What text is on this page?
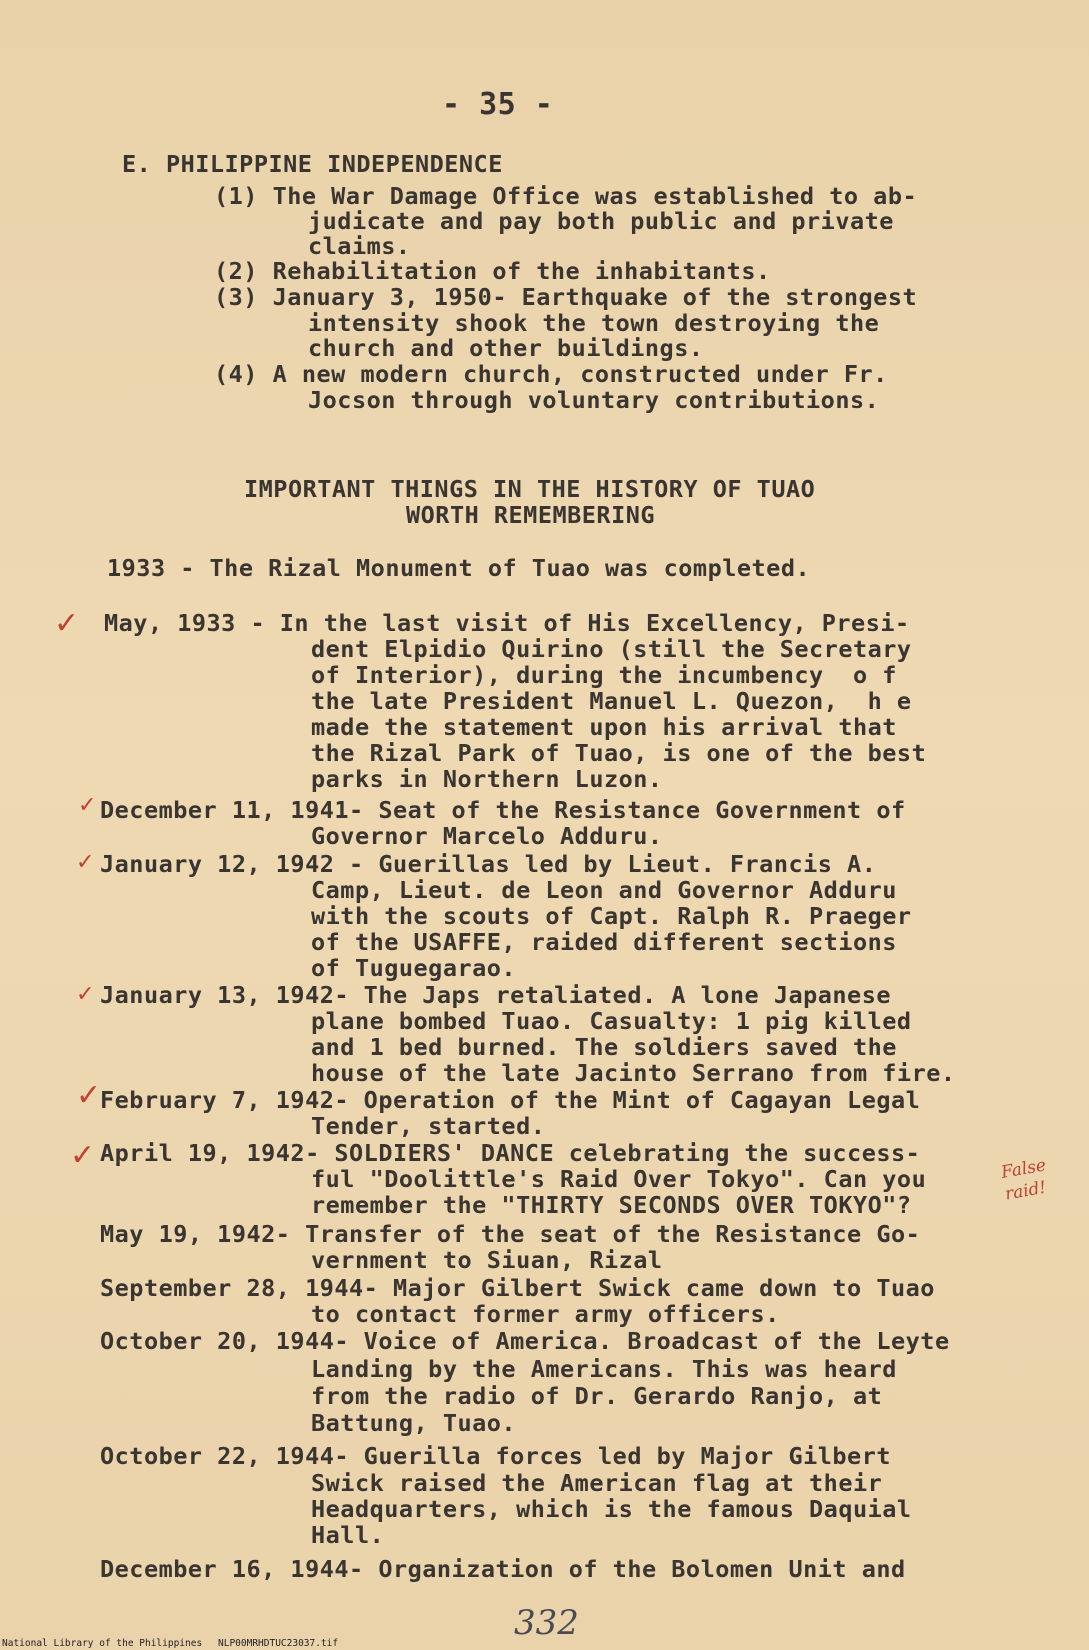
- 35 -
E. PHILIPPINE INDEPENDENCE
(1) The War Damage Office was established to ab-
judicate and pay both public and private
claims.
(2) Rehabilitation of the inhabitants.
(3) January 3, 1950- Earthquake of the strongest
intensity shook the town destroying the
church and other buildings.
(4) A new modern church, constructed under Fr.
Jocson through voluntary contributions.
IMPORTANT THINGS IN THE HISTORY OF TUAO
WORTH REMEMBERING
1933 - The Rizal Monument of Tuao was completed.
May, 1933 - In the last visit of His Excellency, Presi-
dent Elpidio Quirino (still the Secretary
of Interior), during the incumbency  o f
the late President Manuel L. Quezon,  h e
made the statement upon his arrival that
the Rizal Park of Tuao, is one of the best
parks in Northern Luzon.
December 11, 1941- Seat of the Resistance Government of
Governor Marcelo Adduru.
January 12, 1942 - Guerillas led by Lieut. Francis A.
Camp, Lieut. de Leon and Governor Adduru
with the scouts of Capt. Ralph R. Praeger
of the USAFFE, raided different sections
of Tuguegarao.
January 13, 1942- The Japs retaliated. A lone Japanese
plane bombed Tuao. Casualty: 1 pig killed
and 1 bed burned. The soldiers saved the
house of the late Jacinto Serrano from fire.
February 7, 1942- Operation of the Mint of Cagayan Legal
Tender, started.
April 19, 1942- SOLDIERS' DANCE celebrating the success-
ful "Doolittle's Raid Over Tokyo". Can you
remember the "THIRTY SECONDS OVER TOKYO"?
May 19, 1942- Transfer of the seat of the Resistance Go-
vernment to Siuan, Rizal
September 28, 1944- Major Gilbert Swick came down to Tuao
to contact former army officers.
October 20, 1944- Voice of America. Broadcast of the Leyte
Landing by the Americans. This was heard
from the radio of Dr. Gerardo Ranjo, at
Battung, Tuao.
October 22, 1944- Guerilla forces led by Major Gilbert
Swick raised the American flag at their
Headquarters, which is the famous Daquial
Hall.
December 16, 1944- Organization of the Bolomen Unit and
✓
✓
✓
✓
✓
✓	False
raid!
332
National Library of the Philippines NLP00MRHDTUC23037.tif
